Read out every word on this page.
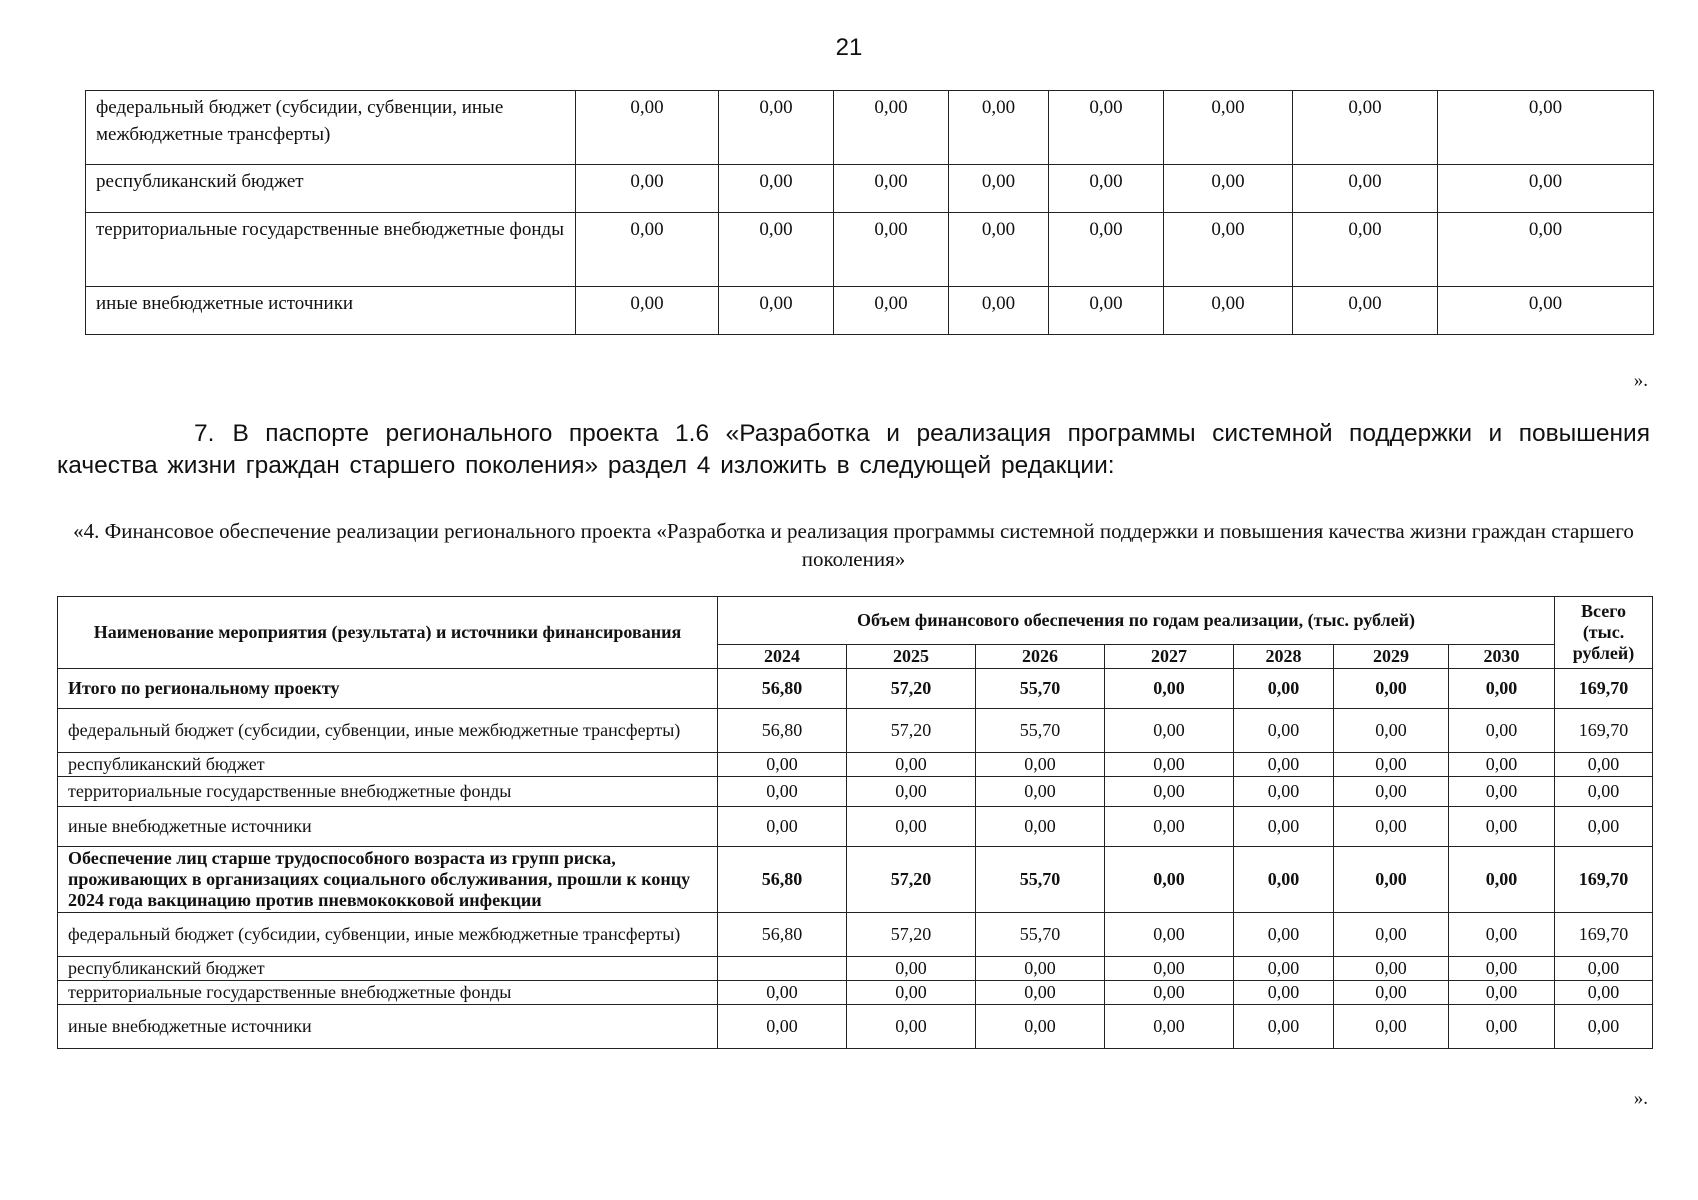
21
федеральный бюджет (субсидии, субвенции, иные межбюджетные трансферты)	0,00	0,00	0,00	0,00	0,00	0,00	0,00	0,00
республиканский бюджет	0,00	0,00	0,00	0,00	0,00	0,00	0,00	0,00
территориальные государственные внебюджетные фонды	0,00	0,00	0,00	0,00	0,00	0,00	0,00	0,00
иные внебюджетные источники	0,00	0,00	0,00	0,00	0,00	0,00	0,00	0,00
».
7. В паспорте регионального проекта 1.6 «Разработка и реализация программы системной поддержки и повышения качества жизни граждан старшего поколения» раздел 4 изложить в следующей редакции:
«4. Финансовое обеспечение реализации регионального проекта «Разработка и реализация программы системной поддержки и повышения качества жизни граждан старшего поколения»
Наименование мероприятия (результата) и источники финансирования	Объем финансового обеспечения по годам реализации, (тыс. рублей)							Всего (тыс. рублей)
	2024	2025	2026	2027	2028	2029	2030	
Итого по региональному проекту	56,80	57,20	55,70	0,00	0,00	0,00	0,00	169,70
федеральный бюджет (субсидии, субвенции, иные межбюджетные трансферты)	56,80	57,20	55,70	0,00	0,00	0,00	0,00	169,70
республиканский бюджет	0,00	0,00	0,00	0,00	0,00	0,00	0,00	0,00
территориальные государственные внебюджетные фонды	0,00	0,00	0,00	0,00	0,00	0,00	0,00	0,00
иные внебюджетные источники	0,00	0,00	0,00	0,00	0,00	0,00	0,00	0,00
Обеспечение лиц старше трудоспособного возраста из групп риска, проживающих в организациях социального обслуживания, прошли к концу 2024 года вакцинацию против пневмококковой инфекции	56,80	57,20	55,70	0,00	0,00	0,00	0,00	169,70
федеральный бюджет (субсидии, субвенции, иные межбюджетные трансферты)	56,80	57,20	55,70	0,00	0,00	0,00	0,00	169,70
республиканский бюджет		0,00	0,00	0,00	0,00	0,00	0,00	0,00
территориальные государственные внебюджетные фонды	0,00	0,00	0,00	0,00	0,00	0,00	0,00	0,00
иные внебюджетные источники	0,00	0,00	0,00	0,00	0,00	0,00	0,00	0,00
».
